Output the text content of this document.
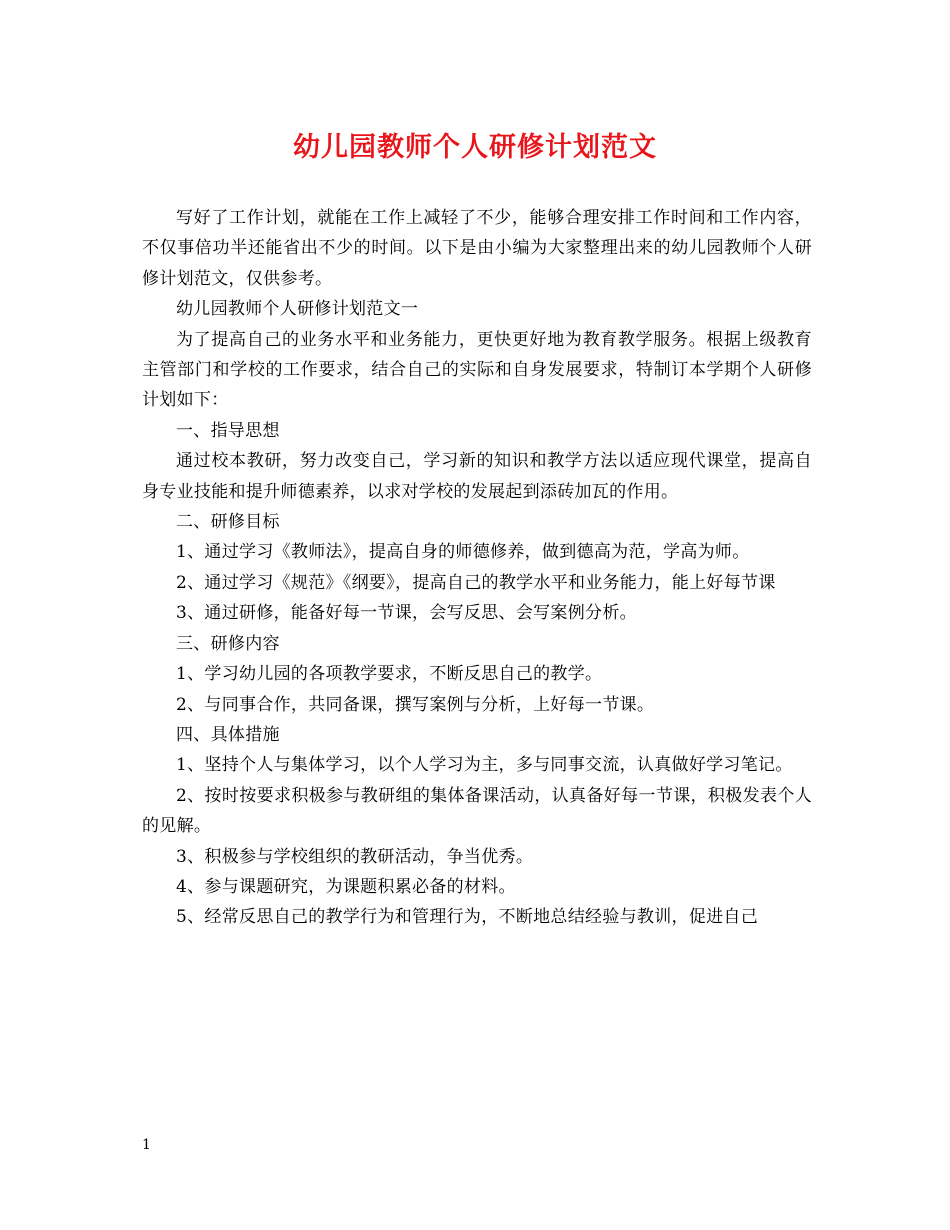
幼儿园教师个人研修计划范文

写好了工作计划，就能在工作上减轻了不少，能够合理安排工作时间和工作内容，不仅事倍功半还能省出不少的时间。以下是由小编为大家整理出来的幼儿园教师个人研修计划范文，仅供参考。

幼儿园教师个人研修计划范文一

为了提高自己的业务水平和业务能力，更快更好地为教育教学服务。根据上级教育主管部门和学校的工作要求，结合自己的实际和自身发展要求，特制订本学期个人研修计划如下：

一、指导思想

通过校本教研，努力改变自己，学习新的知识和教学方法以适应现代课堂，提高自身专业技能和提升师德素养，以求对学校的发展起到添砖加瓦的作用。

二、研修目标

1、通过学习《教师法》，提高自身的师德修养，做到德高为范，学高为师。

2、通过学习《规范》《纲要》，提高自己的教学水平和业务能力，能上好每节课

3、通过研修，能备好每一节课，会写反思、会写案例分析。

三、研修内容

1、学习幼儿园的各项教学要求，不断反思自己的教学。

2、与同事合作，共同备课，撰写案例与分析，上好每一节课。

四、具体措施

1、坚持个人与集体学习，以个人学习为主，多与同事交流，认真做好学习笔记。

2、按时按要求积极参与教研组的集体备课活动，认真备好每一节课，积极发表个人的见解。

3、积极参与学校组织的教研活动，争当优秀。

4、参与课题研究，为课题积累必备的材料。

5、经常反思自己的教学行为和管理行为，不断地总结经验与教训，促进自己

1
